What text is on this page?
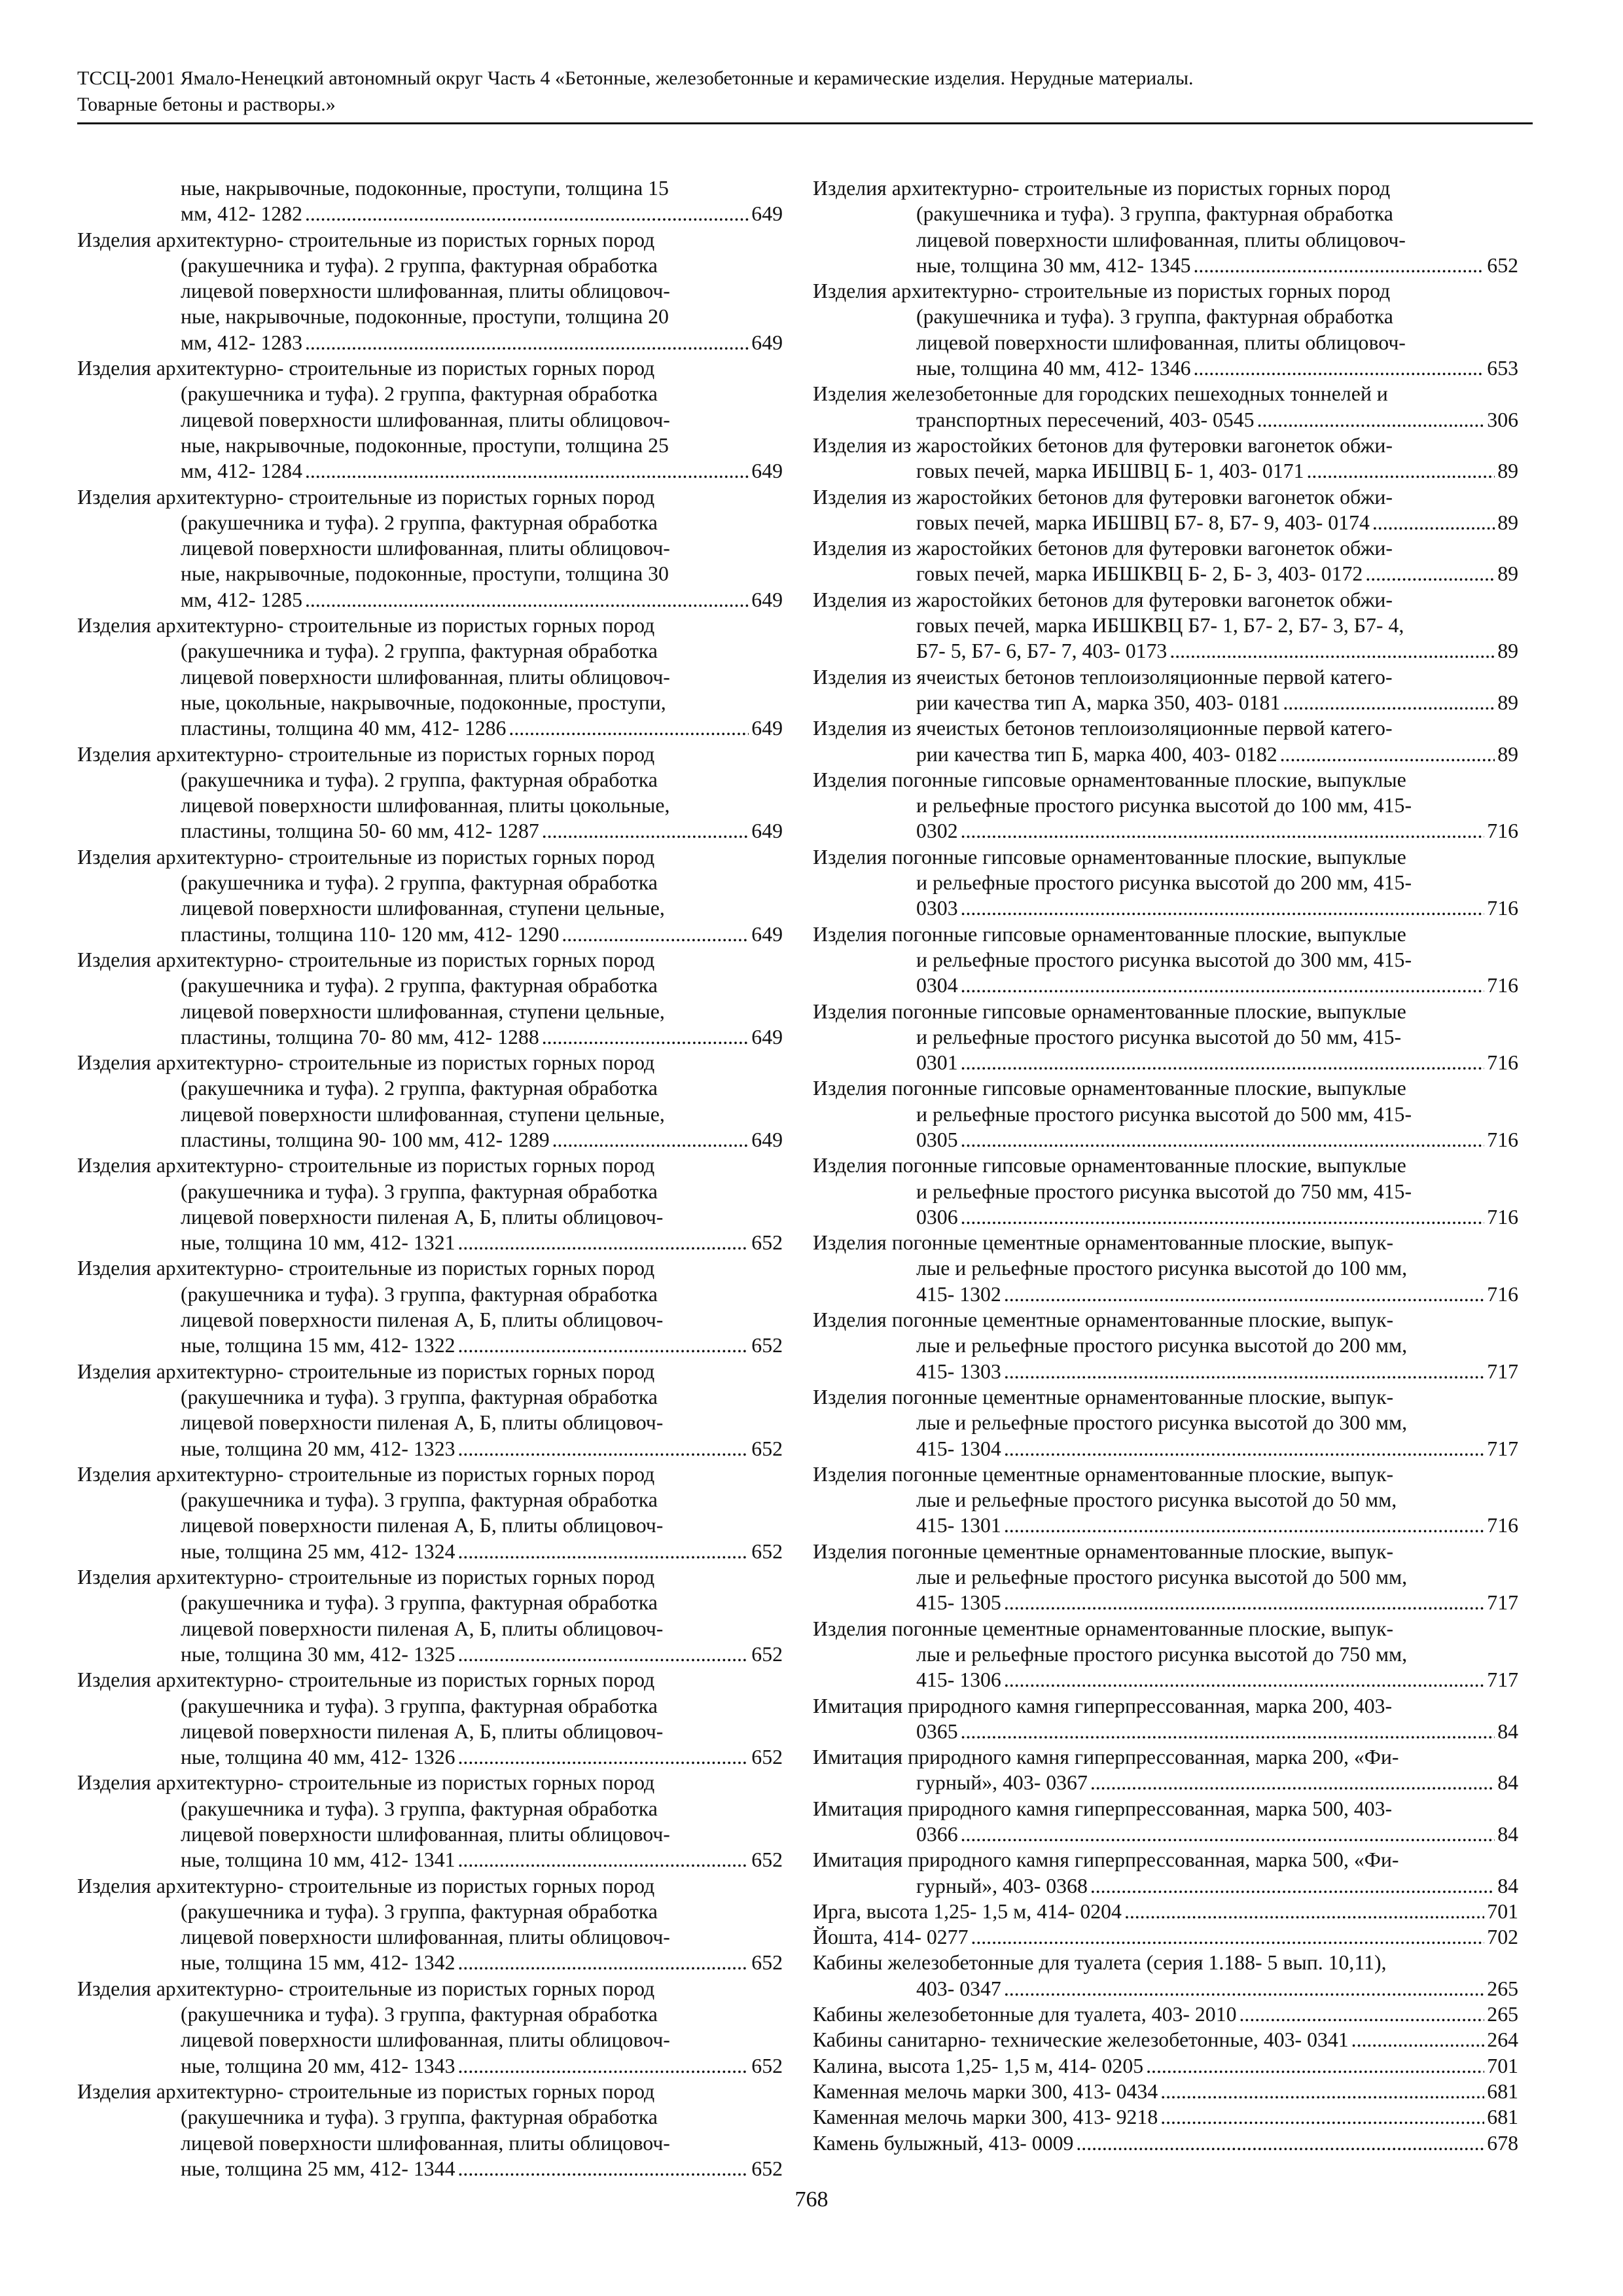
ТССЦ-2001 Ямало-Ненецкий автономный округ Часть 4 «Бетонные, железобетонные и керамические изделия. Нерудные материалы.
Товарные бетоны и растворы.»
ные, накрывочные, подоконные, проступи, толщина 15
мм, 412- 1282 . . .	649
Изделия архитектурно- строительные из пористых горных пород
(ракушечника и туфа). 2 группа, фактурная обработка
лицевой поверхности шлифованная, плиты облицовоч-
ные, накрывочные, подоконные, проступи, толщина 20
мм, 412- 1283 . . .	649
Изделия архитектурно- строительные из пористых горных пород
(ракушечника и туфа). 2 группа, фактурная обработка
лицевой поверхности шлифованная, плиты облицовоч-
ные, накрывочные, подоконные, проступи, толщина 25
мм, 412- 1284 . . .	649
Изделия архитектурно- строительные из пористых горных пород
(ракушечника и туфа). 2 группа, фактурная обработка
лицевой поверхности шлифованная, плиты облицовоч-
ные, накрывочные, подоконные, проступи, толщина 30
мм, 412- 1285 . . .	649
Изделия архитектурно- строительные из пористых горных пород
(ракушечника и туфа). 2 группа, фактурная обработка
лицевой поверхности шлифованная, плиты облицовоч-
ные, цокольные, накрывочные, подоконные, проступи,
пластины, толщина 40 мм, 412- 1286 . . .	649
Изделия архитектурно- строительные из пористых горных пород
(ракушечника и туфа). 2 группа, фактурная обработка
лицевой поверхности шлифованная, плиты цокольные,
пластины, толщина 50- 60 мм, 412- 1287 . . .	649
Изделия архитектурно- строительные из пористых горных пород
(ракушечника и туфа). 2 группа, фактурная обработка
лицевой поверхности шлифованная, ступени цельные,
пластины, толщина 110- 120 мм, 412- 1290 . . .	649
Изделия архитектурно- строительные из пористых горных пород
(ракушечника и туфа). 2 группа, фактурная обработка
лицевой поверхности шлифованная, ступени цельные,
пластины, толщина 70- 80 мм, 412- 1288 . . .	649
Изделия архитектурно- строительные из пористых горных пород
(ракушечника и туфа). 2 группа, фактурная обработка
лицевой поверхности шлифованная, ступени цельные,
пластины, толщина 90- 100 мм, 412- 1289 . . .	649
Изделия архитектурно- строительные из пористых горных пород
(ракушечника и туфа). 3 группа, фактурная обработка
лицевой поверхности пиленая А, Б, плиты облицовоч-
ные, толщина 10 мм, 412- 1321 . . .	652
Изделия архитектурно- строительные из пористых горных пород
(ракушечника и туфа). 3 группа, фактурная обработка
лицевой поверхности пиленая А, Б, плиты облицовоч-
ные, толщина 15 мм, 412- 1322 . . .	652
Изделия архитектурно- строительные из пористых горных пород
(ракушечника и туфа). 3 группа, фактурная обработка
лицевой поверхности пиленая А, Б, плиты облицовоч-
ные, толщина 20 мм, 412- 1323 . . .	652
Изделия архитектурно- строительные из пористых горных пород
(ракушечника и туфа). 3 группа, фактурная обработка
лицевой поверхности пиленая А, Б, плиты облицовоч-
ные, толщина 25 мм, 412- 1324 . . .	652
Изделия архитектурно- строительные из пористых горных пород
(ракушечника и туфа). 3 группа, фактурная обработка
лицевой поверхности пиленая А, Б, плиты облицовоч-
ные, толщина 30 мм, 412- 1325 . . .	652
Изделия архитектурно- строительные из пористых горных пород
(ракушечника и туфа). 3 группа, фактурная обработка
лицевой поверхности пиленая А, Б, плиты облицовоч-
ные, толщина 40 мм, 412- 1326 . . .	652
Изделия архитектурно- строительные из пористых горных пород
(ракушечника и туфа). 3 группа, фактурная обработка
лицевой поверхности шлифованная, плиты облицовоч-
ные, толщина 10 мм, 412- 1341 . . .	652
Изделия архитектурно- строительные из пористых горных пород
(ракушечника и туфа). 3 группа, фактурная обработка
лицевой поверхности шлифованная, плиты облицовоч-
ные, толщина 15 мм, 412- 1342 . . .	652
Изделия архитектурно- строительные из пористых горных пород
(ракушечника и туфа). 3 группа, фактурная обработка
лицевой поверхности шлифованная, плиты облицовоч-
ные, толщина 20 мм, 412- 1343 . . .	652
Изделия архитектурно- строительные из пористых горных пород
(ракушечника и туфа). 3 группа, фактурная обработка
лицевой поверхности шлифованная, плиты облицовоч-
ные, толщина 25 мм, 412- 1344 . . .	652
Изделия архитектурно- строительные из пористых горных пород
(ракушечника и туфа). 3 группа, фактурная обработка
лицевой поверхности шлифованная, плиты облицовоч-
ные, толщина 30 мм, 412- 1345 . . .	652
Изделия архитектурно- строительные из пористых горных пород
(ракушечника и туфа). 3 группа, фактурная обработка
лицевой поверхности шлифованная, плиты облицовоч-
ные, толщина 40 мм, 412- 1346 . . .	653
Изделия железобетонные для городских пешеходных тоннелей и
транспортных пересечений, 403- 0545 . . .	306
Изделия из жаростойких бетонов для футеровки вагонеток обжи-
говых печей, марка ИБШВЦ Б- 1, 403- 0171 . . .	89
Изделия из жаростойких бетонов для футеровки вагонеток обжи-
говых печей, марка ИБШВЦ Б7- 8, Б7- 9, 403- 0174 . . .	89
Изделия из жаростойких бетонов для футеровки вагонеток обжи-
говых печей, марка ИБШКВЦ Б- 2, Б- 3, 403- 0172 . . .	89
Изделия из жаростойких бетонов для футеровки вагонеток обжи-
говых печей, марка ИБШКВЦ Б7- 1, Б7- 2, Б7- 3, Б7- 4,
Б7- 5, Б7- 6, Б7- 7, 403- 0173 . . .	89
Изделия из ячеистых бетонов теплоизоляционные первой катего-
рии качества тип А, марка 350, 403- 0181 . . .	89
Изделия из ячеистых бетонов теплоизоляционные первой катего-
рии качества тип Б, марка 400, 403- 0182 . . .	89
Изделия погонные гипсовые орнаментованные плоские, выпуклые
и рельефные простого рисунка высотой до 100 мм, 415-
0302 . . .	716
Изделия погонные гипсовые орнаментованные плоские, выпуклые
и рельефные простого рисунка высотой до 200 мм, 415-
0303 . . .	716
Изделия погонные гипсовые орнаментованные плоские, выпуклые
и рельефные простого рисунка высотой до 300 мм, 415-
0304 . . .	716
Изделия погонные гипсовые орнаментованные плоские, выпуклые
и рельефные простого рисунка высотой до 50 мм, 415-
0301 . . .	716
Изделия погонные гипсовые орнаментованные плоские, выпуклые
и рельефные простого рисунка высотой до 500 мм, 415-
0305 . . .	716
Изделия погонные гипсовые орнаментованные плоские, выпуклые
и рельефные простого рисунка высотой до 750 мм, 415-
0306 . . .	716
Изделия погонные цементные орнаментованные плоские, выпук-
лые и рельефные простого рисунка высотой до 100 мм,
415- 1302 . . .	716
Изделия погонные цементные орнаментованные плоские, выпук-
лые и рельефные простого рисунка высотой до 200 мм,
415- 1303 . . .	717
Изделия погонные цементные орнаментованные плоские, выпук-
лые и рельефные простого рисунка высотой до 300 мм,
415- 1304 . . .	717
Изделия погонные цементные орнаментованные плоские, выпук-
лые и рельефные простого рисунка высотой до 50 мм,
415- 1301 . . .	716
Изделия погонные цементные орнаментованные плоские, выпук-
лые и рельефные простого рисунка высотой до 500 мм,
415- 1305 . . .	717
Изделия погонные цементные орнаментованные плоские, выпук-
лые и рельефные простого рисунка высотой до 750 мм,
415- 1306 . . .	717
Имитация природного камня гиперпрессованная, марка 200, 403-
0365 . . .	84
Имитация природного камня гиперпрессованная, марка 200, «Фи-
гурный», 403- 0367 . . .	84
Имитация природного камня гиперпрессованная, марка 500, 403-
0366 . . .	84
Имитация природного камня гиперпрессованная, марка 500, «Фи-
гурный», 403- 0368 . . .	84
Ирга, высота 1,25- 1,5 м, 414- 0204 . . .	701
Йошта, 414- 0277 . . .	702
Кабины железобетонные для туалета (серия 1.188- 5 вып. 10,11),
403- 0347 . . .	265
Кабины железобетонные для туалета, 403- 2010 . . .	265
Кабины санитарно- технические железобетонные, 403- 0341 . . .	264
Калина, высота 1,25- 1,5 м, 414- 0205 . . .	701
Каменная мелочь марки 300, 413- 0434 . . .	681
Каменная мелочь марки 300, 413- 9218 . . .	681
Камень булыжный, 413- 0009 . . .	678
768
